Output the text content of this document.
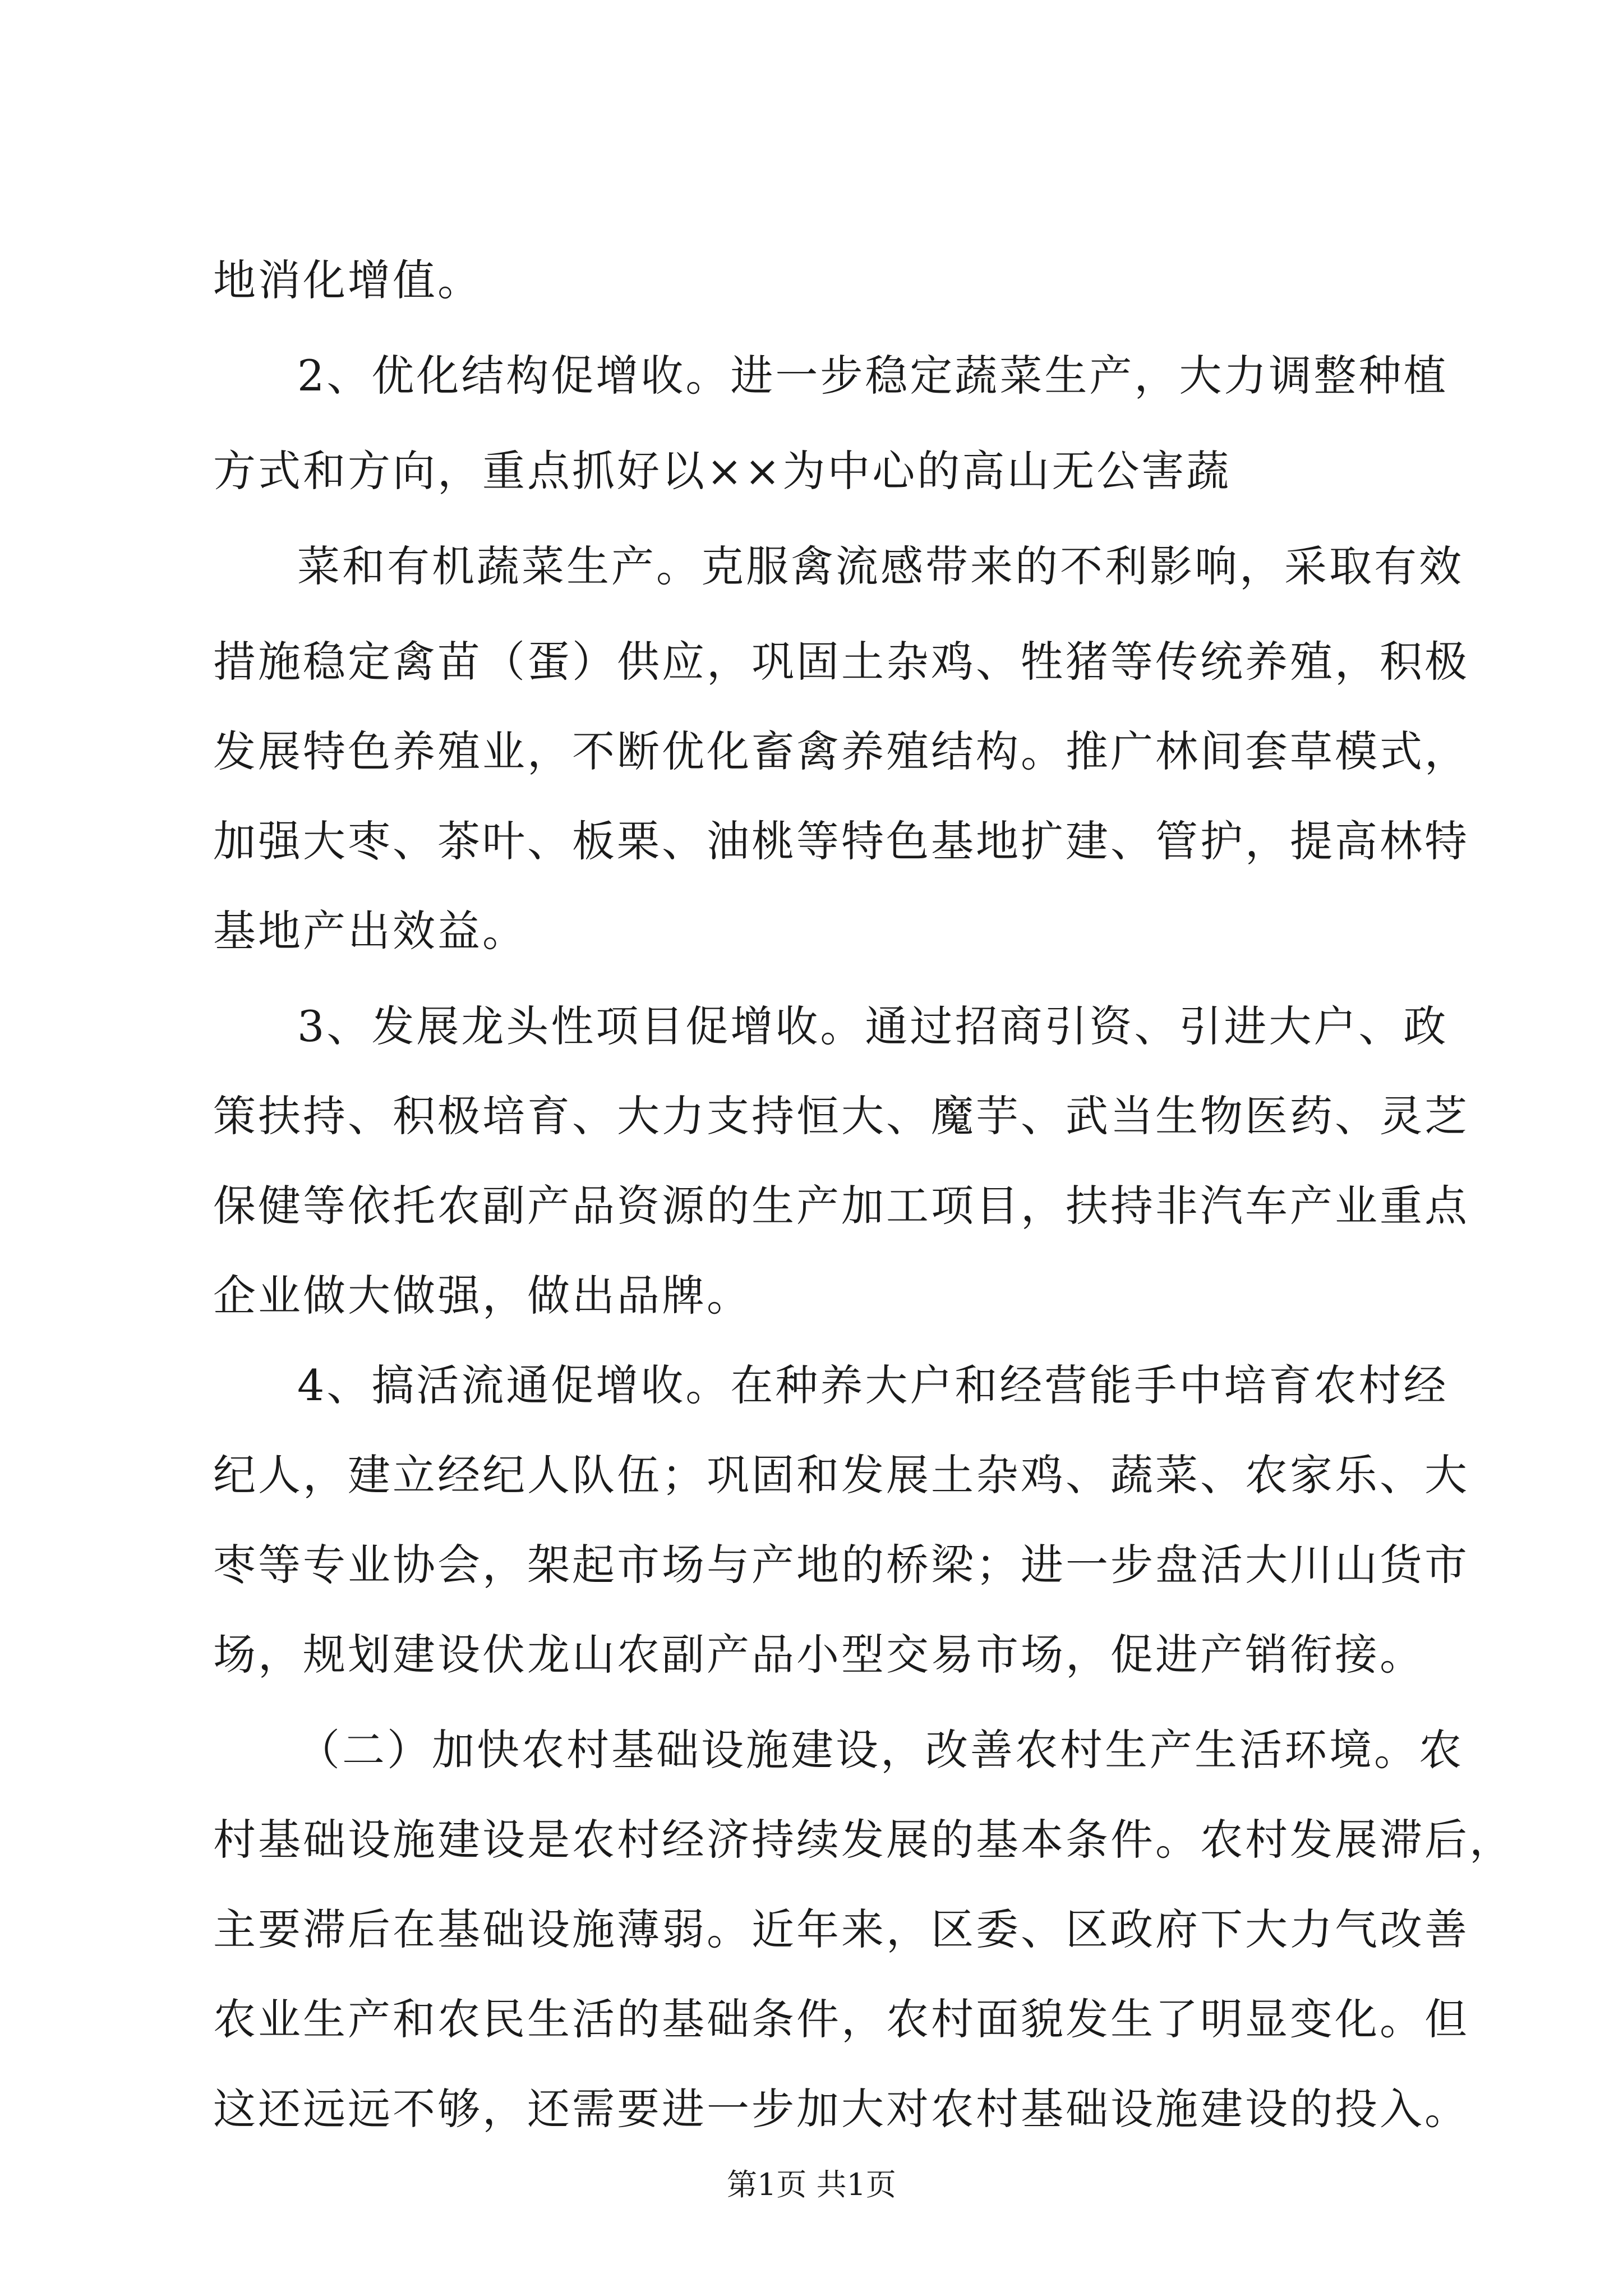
地消化增值。
2、优化结构促增收。进一步稳定蔬菜生产，大力调整种植
方式和方向，重点抓好以××为中心的高山无公害蔬
菜和有机蔬菜生产。克服禽流感带来的不利影响，采取有效
措施稳定禽苗（蛋）供应，巩固土杂鸡、牲猪等传统养殖，积极
发展特色养殖业，不断优化畜禽养殖结构。推广林间套草模式，
加强大枣、茶叶、板栗、油桃等特色基地扩建、管护，提高林特
基地产出效益。
3、发展龙头性项目促增收。通过招商引资、引进大户、政
策扶持、积极培育、大力支持恒大、魔芋、武当生物医药、灵芝
保健等依托农副产品资源的生产加工项目，扶持非汽车产业重点
企业做大做强，做出品牌。
4、搞活流通促增收。在种养大户和经营能手中培育农村经
纪人，建立经纪人队伍；巩固和发展土杂鸡、蔬菜、农家乐、大
枣等专业协会，架起市场与产地的桥梁；进一步盘活大川山货市
场，规划建设伏龙山农副产品小型交易市场，促进产销衔接。
（二）加快农村基础设施建设，改善农村生产生活环境。农
村基础设施建设是农村经济持续发展的基本条件。农村发展滞后，
主要滞后在基础设施薄弱。近年来，区委、区政府下大力气改善
农业生产和农民生活的基础条件，农村面貌发生了明显变化。但
这还远远不够，还需要进一步加大对农村基础设施建设的投入。
第1页 共1页
